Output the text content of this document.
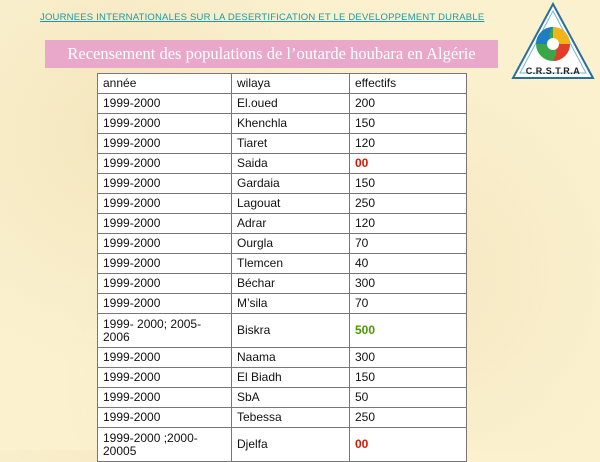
JOURNEES INTERNATIONALES SUR LA DESERTIFICATION ET LE DEVELOPPEMENT DURABLE
Recensement des populations de l’outarde houbara en Algérie
C.R.S.T.R.A
année	wilaya	effectifs
1999-2000	El.oued	200
1999-2000	Khenchla	150
1999-2000	Tiaret	120
1999-2000	Saida	00
1999-2000	Gardaia	150
1999-2000	Lagouat	250
1999-2000	Adrar	120
1999-2000	Ourgla	70
1999-2000	Tlemcen	40
1999-2000	Béchar	300
1999-2000	M’sila	70
1999- 2000; 2005-2006	Biskra	500
1999-2000	Naama	300
1999-2000	El Biadh	150
1999-2000	SbA	50
1999-2000	Tebessa	250
1999-2000 ;2000-20005	Djelfa	00
